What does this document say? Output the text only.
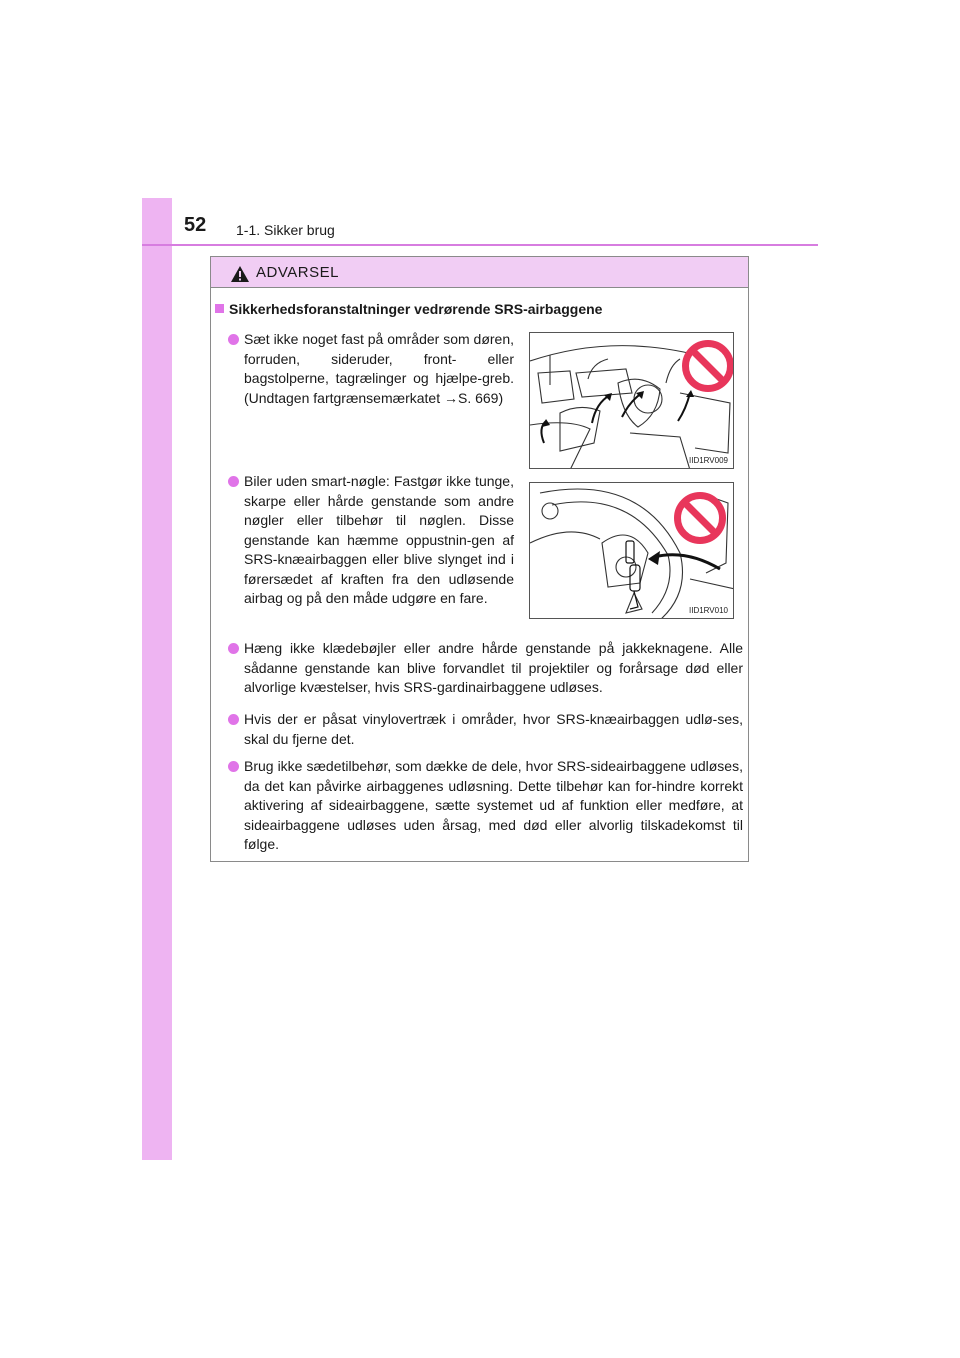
52 1-1. Sikker brug
ADVARSEL
Sikkerhedsforanstaltninger vedrørende SRS-airbaggene
Sæt ikke noget fast på områder som døren, forruden, sideruder, front- eller bagstolperne, tagrælinger og hjælpe-greb. (Undtagen fartgrænsemærkatet →S. 669)
IID1RV009
Biler uden smart-nøgle: Fastgør ikke tunge, skarpe eller hårde genstande som andre nøgler eller tilbehør til nøglen. Disse genstande kan hæmme oppustnin-gen af SRS-knæairbaggen eller blive slynget ind i førersædet af kraften fra den udløsende airbag og på den måde udgøre en fare.
IID1RV010
Hæng ikke klædebøjler eller andre hårde genstande på jakkeknagene. Alle sådanne genstande kan blive forvandlet til projektiler og forårsage død eller alvorlige kvæstelser, hvis SRS-gardinairbaggene udløses.
Hvis der er påsat vinylovertræk i områder, hvor SRS-knæairbaggen udlø-ses, skal du fjerne det.
Brug ikke sædetilbehør, som dække de dele, hvor SRS-sideairbaggene udløses, da det kan påvirke airbaggenes udløsning. Dette tilbehør kan for-hindre korrekt aktivering af sideairbaggene, sætte systemet ud af funktion eller medføre, at sideairbaggene udløses uden årsag, med død eller alvorlig tilskadekomst til følge.
